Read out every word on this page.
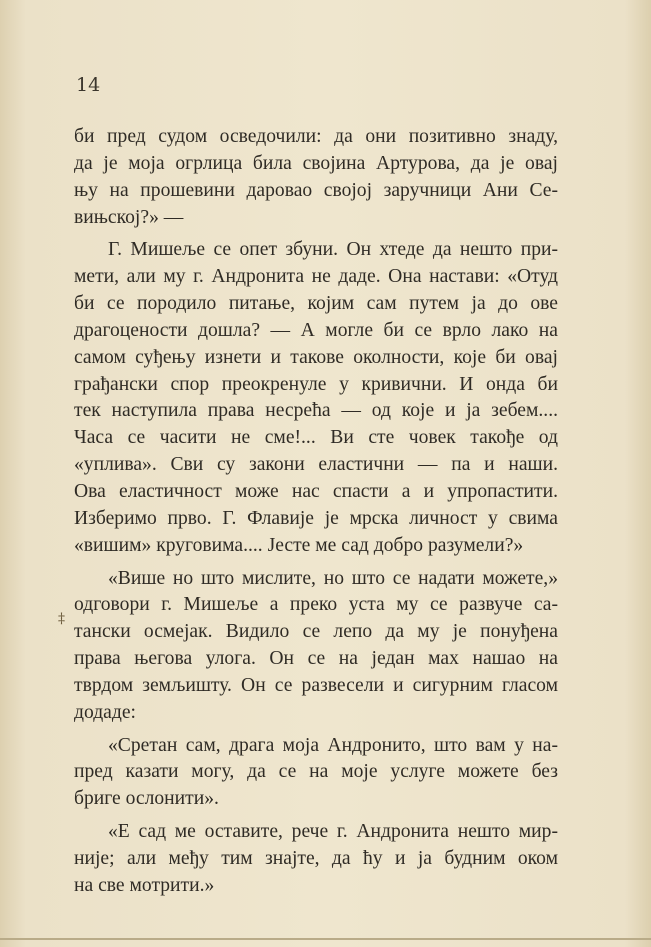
14
‡
би пред судом осведочили: да они позитивно знаду,
да је моја огрлица била својина Артурова, да је овај
њу на прошевини даровао својој заручници Ани Се-
вињској?» —
Г. Мишеље се опет збуни. Он хтеде да нешто при-
мети, али му г. Андронита не даде. Она настави: «Отуд
би се породило питање, којим сам путем ја до ове
драгоцености дошла? — А могле би се врло лако на
самом суђењу изнети и такове околности, које би овај
грађански спор преокренуле у кривични. И онда би
тек наступила права несрећа — од које и ја зебем....
Часа се часити не сме!... Ви сте човек такође од
«уплива». Сви су закони еластични — па и наши.
Ова еластичност може нас спасти а и упропастити.
Изберимо прво. Г. Флавије је мрска личност у свима
«вишим» круговима.... Јесте ме сад добро разумели?»
«Више но што мислите, но што се надати можете,»
одговори г. Мишеље а преко уста му се развуче са-
тански осмејак. Видило се лепо да му је понуђена
права његова улога. Он се на један мах нашао на
тврдом земљишту. Он се развесели и сигурним гласом
додаде:
«Сретан сам, драга моја Андронито, што вам у на-
пред казати могу, да се на моје услуге можете без
бриге ослонити».
«Е сад ме оставите, рече г. Андронита нешто мир-
није; али међу тим знајте, да ћу и ја будним оком
на све мотрити.»
